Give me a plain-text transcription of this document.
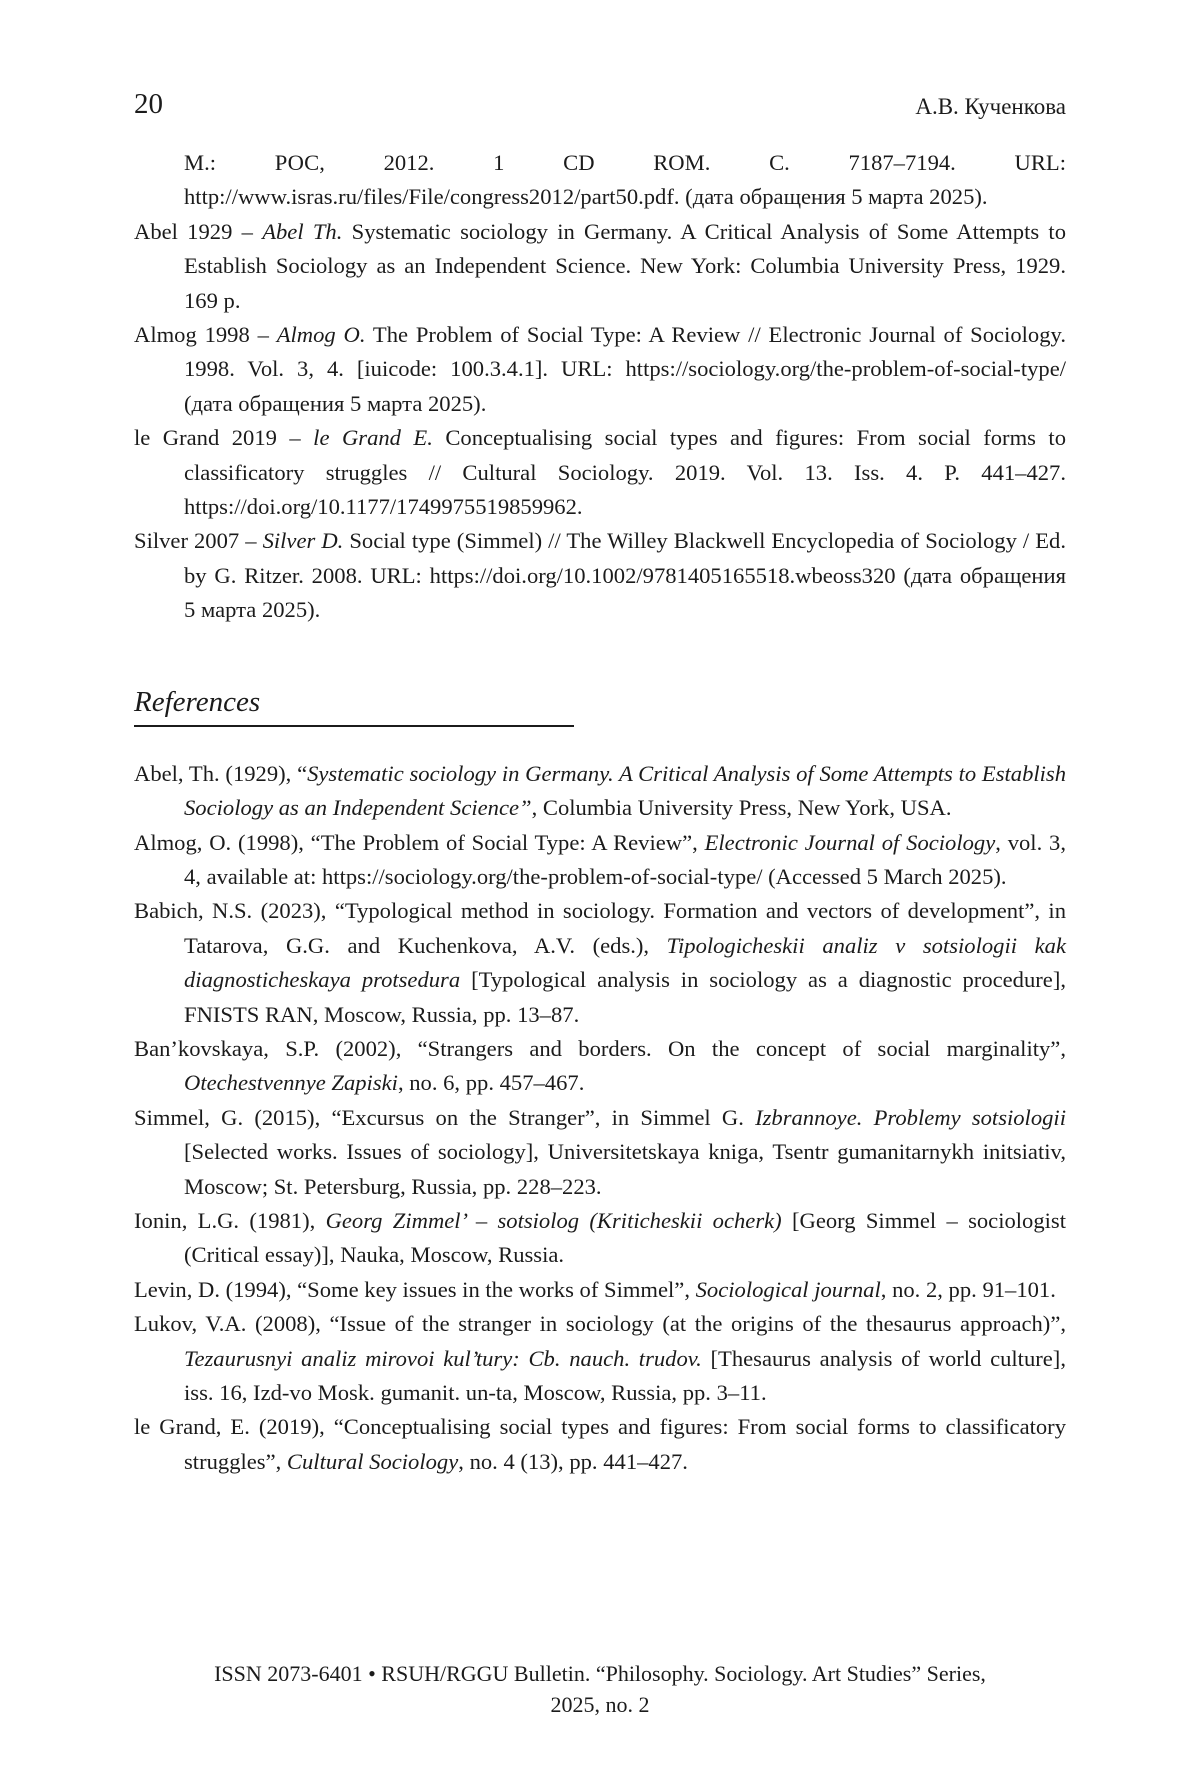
20	А.В. Кученкова

M.: РОС, 2012. 1 CD ROM. С. 7187–7194. URL: http://www.isras.ru/files/File/congress2012/part50.pdf. (дата обращения 5 марта 2025).

Abel 1929 – Abel Th. Systematic sociology in Germany. A Critical Analysis of Some Attempts to Establish Sociology as an Independent Science. New York: Columbia University Press, 1929. 169 p.

Almog 1998 – Almog O. The Problem of Social Type: A Review // Electronic Journal of Sociology. 1998. Vol. 3, 4. [iuicode: 100.3.4.1]. URL: https://sociology.org/the-problem-of-social-type/ (дата обращения 5 марта 2025).

le Grand 2019 – le Grand E. Conceptualising social types and figures: From social forms to classificatory struggles // Cultural Sociology. 2019. Vol. 13. Iss. 4. P. 441–427. https://doi.org/10.1177/1749975519859962.

Silver 2007 – Silver D. Social type (Simmel) // The Willey Blackwell Encyclopedia of Sociology / Ed. by G. Ritzer. 2008. URL: https://doi.org/10.1002/9781405165518.wbeoss320 (дата обращения 5 марта 2025).

References

Abel, Th. (1929), “Systematic sociology in Germany. A Critical Analysis of Some Attempts to Establish Sociology as an Independent Science”, Columbia University Press, New York, USA.

Almog, O. (1998), “The Problem of Social Type: A Review”, Electronic Journal of Sociology, vol. 3, 4, available at: https://sociology.org/the-problem-of-social-type/ (Accessed 5 March 2025).

Babich, N.S. (2023), “Typological method in sociology. Formation and vectors of development”, in Tatarova, G.G. and Kuchenkova, A.V. (eds.), Tipologicheskii analiz v sotsiologii kak diagnosticheskaya protsedura [Typological analysis in sociology as a diagnostic procedure], FNISTS RAN, Moscow, Russia, pp. 13–87.

Ban’kovskaya, S.P. (2002), “Strangers and borders. On the concept of social marginality”, Otechestvennye Zapiski, no. 6, pp. 457–467.

Simmel, G. (2015), “Excursus on the Stranger”, in Simmel G. Izbrannoye. Problemy sotsiologii [Selected works. Issues of sociology], Universitetskaya kniga, Tsentr gumanitarnykh initsiativ, Moscow; St. Petersburg, Russia, pp. 228–223.

Ionin, L.G. (1981), Georg Zimmel’ – sotsiolog (Kriticheskii ocherk) [Georg Simmel – sociologist (Critical essay)], Nauka, Moscow, Russia.

Levin, D. (1994), “Some key issues in the works of Simmel”, Sociological journal, no. 2, pp. 91–101.

Lukov, V.A. (2008), “Issue of the stranger in sociology (at the origins of the thesaurus approach)”, Tezaurusnyi analiz mirovoi kul’tury: Cb. nauch. trudov. [Thesaurus analysis of world culture], iss. 16, Izd-vo Mosk. gumanit. un-ta, Moscow, Russia, pp. 3–11.

le Grand, E. (2019), “Conceptualising social types and figures: From social forms to classificatory struggles”, Cultural Sociology, no. 4 (13), pp. 441–427.

ISSN 2073-6401 • RSUH/RGGU Bulletin. “Philosophy. Sociology. Art Studies” Series,
2025, no. 2
